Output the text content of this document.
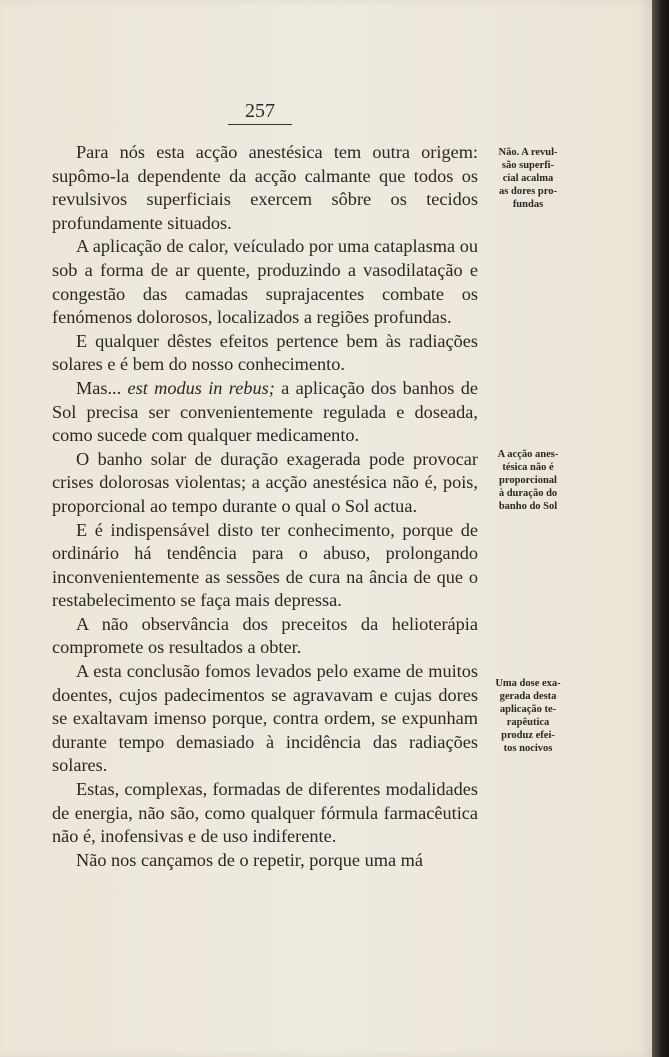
257

Para nós esta acção anestésica tem outra origem: supômo-la dependente da acção calmante que todos os revulsivos superficiais exercem sôbre os tecidos profundamente situados.

A aplicação de calor, veículado por uma cataplasma ou sob a forma de ar quente, produzindo a vasodilatação e congestão das camadas suprajacentes combate os fenómenos dolorosos, localizados a regiões profundas.

E qualquer dêstes efeitos pertence bem às radiações solares e é bem do nosso conhecimento.

Mas... est modus in rebus; a aplicação dos banhos de Sol precisa ser convenientemente regulada e doseada, como sucede com qualquer medicamento.

O banho solar de duração exagerada pode provocar crises dolorosas violentas; a acção anestésica não é, pois, proporcional ao tempo durante o qual o Sol actua.

E é indispensável disto ter conhecimento, porque de ordinário há tendência para o abuso, prolongando inconvenientemente as sessões de cura na ância de que o restabelecimento se faça mais depressa.

A não observância dos preceitos da helioterápia compromete os resultados a obter.

A esta conclusão fomos levados pelo exame de muitos doentes, cujos padecimentos se agravavam e cujas dores se exaltavam imenso porque, contra ordem, se expunham durante tempo demasiado à incidência das radiações solares.

Estas, complexas, formadas de diferentes modalidades de energia, não são, como qualquer fórmula farmacêutica não é, inofensivas e de uso indiferente.

Não nos cançamos de o repetir, porque uma má

Não. A revul-
são superfi-
cial acalma
as dores pro-
fundas
A acção anes-
tésica não é
proporcional
à duração do
banho do Sol
Uma dose exa-
gerada desta
aplicação te-
rapêutica
produz efei-
tos nocivos
